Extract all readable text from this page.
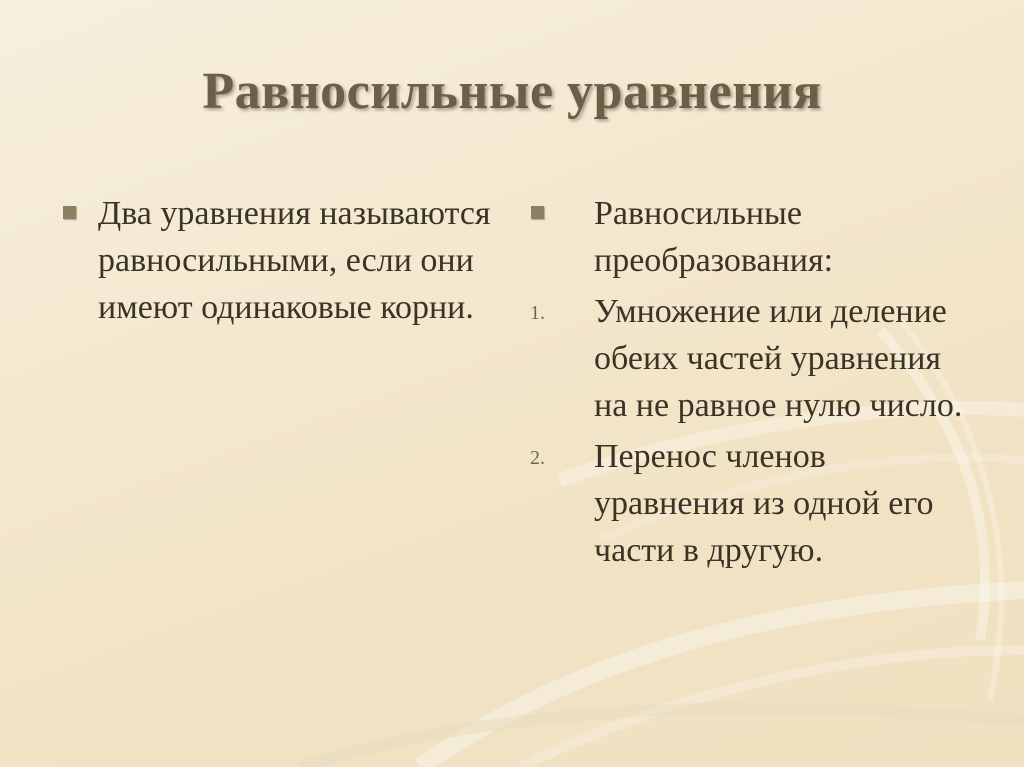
Равносильные уравнения
Два уравнения называются равносильными, если они имеют одинаковые корни.
Равносильные преобразования:
1. Умножение или деление обеих частей уравнения на не равное нулю число.
2. Перенос членов уравнения из одной его части в другую.
